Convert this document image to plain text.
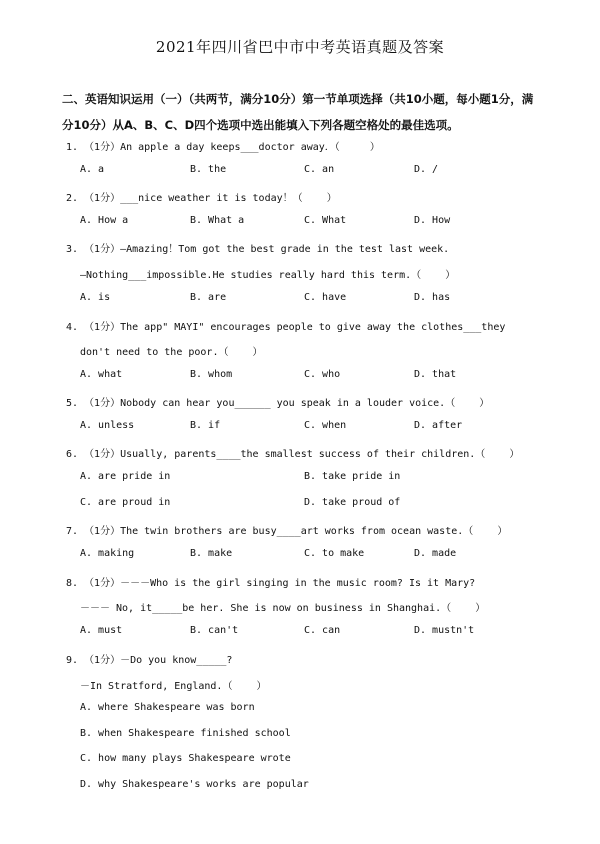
2021年四川省巴中市中考英语真题及答案
二、英语知识运用（一）（共两节，满分10分）第一节单项选择（共10小题，每小题1分，满分10分）从A、B、C、D四个选项中选出能填入下列各题空格处的最佳选项。
1. （1分）An apple a day keeps___doctor away．（     ）
A. a	B. the	C. an	D. /
2. （1分）___nice weather it is today！（    ）
A. How a	B. What a	C. What	D. How
3. （1分）—Amazing！Tom got the best grade in the test last week.
—Nothing___impossible.He studies really hard this term.（    ）
A. is	B. are	C. have	D. has
4. （1分）The app" MAYI" encourages people to give away the clothes___they
don't need to the poor.（    ）
A. what	B. whom	C. who	D. that
5. （1分）Nobody can hear you______ you speak in a louder voice.（    ）
A. unless	B. if	C. when	D. after
6. （1分）Usually, parents____the smallest success of their children.（    ）
A. are pride in	B. take pride in
C. are proud in	D. take proud of
7. （1分）The twin brothers are busy____art works from ocean waste.（    ）
A. making	B. make	C. to make	D. made
8. （1分）－－－Who is the girl singing in the music room? Is it Mary?
－－－ No, it_____be her. She is now on business in Shanghai.（    ）
A. must	B. can't	C. can	D. mustn't
9. （1分）－Do you know_____?
－In Stratford, England.（    ）
A. where Shakespeare was born
B. when Shakespeare finished school
C. how many plays Shakespeare wrote
D. why Shakespeare's works are popular
